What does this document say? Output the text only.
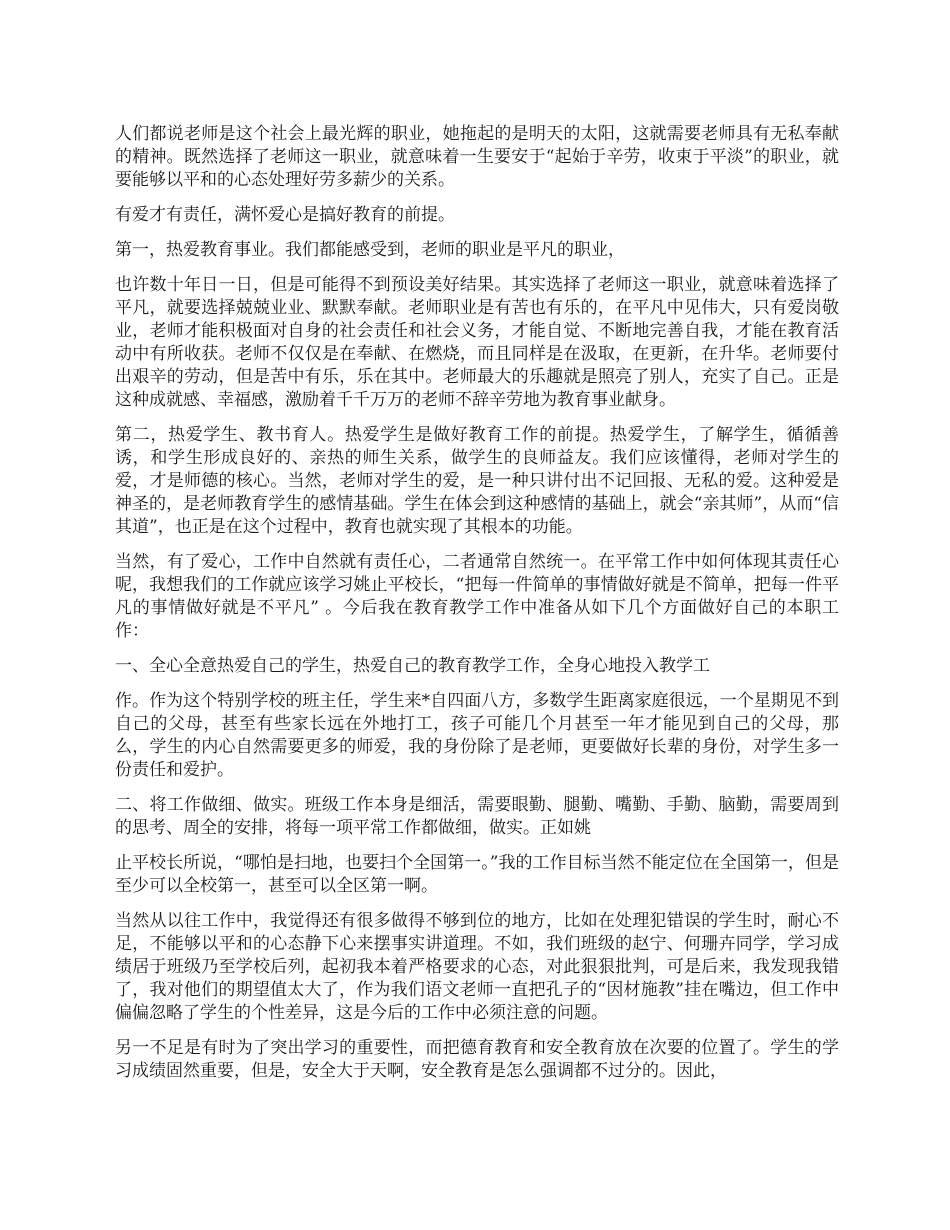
人们都说老师是这个社会上最光辉的职业，她拖起的是明天的太阳，这就需要老师具有无私奉献的精神。既然选择了老师这一职业，就意味着一生要安于“起始于辛劳，收束于平淡”的职业，就要能够以平和的心态处理好劳多薪少的关系。

有爱才有责任，满怀爱心是搞好教育的前提。

第一，热爱教育事业。我们都能感受到，老师的职业是平凡的职业，

也许数十年日一日，但是可能得不到预设美好结果。其实选择了老师这一职业，就意味着选择了平凡，就要选择兢兢业业、默默奉献。老师职业是有苦也有乐的，在平凡中见伟大，只有爱岗敬业，老师才能积极面对自身的社会责任和社会义务，才能自觉、不断地完善自我，才能在教育活动中有所收获。老师不仅仅是在奉献、在燃烧，而且同样是在汲取，在更新，在升华。老师要付出艰辛的劳动，但是苦中有乐，乐在其中。老师最大的乐趣就是照亮了别人，充实了自己。正是这种成就感、幸福感，激励着千千万万的老师不辞辛劳地为教育事业献身。

第二，热爱学生、教书育人。热爱学生是做好教育工作的前提。热爱学生，了解学生，循循善诱，和学生形成良好的、亲热的师生关系，做学生的良师益友。我们应该懂得，老师对学生的爱，才是师德的核心。当然，老师对学生的爱，是一种只讲付出不记回报、无私的爱。这种爱是神圣的，是老师教育学生的感情基础。学生在体会到这种感情的基础上，就会“亲其师”，从而“信其道”，也正是在这个过程中，教育也就实现了其根本的功能。

当然，有了爱心，工作中自然就有责任心，二者通常自然统一。在平常工作中如何体现其责任心呢，我想我们的工作就应该学习姚止平校长，“把每一件简单的事情做好就是不简单，把每一件平凡的事情做好就是不平凡” 。今后我在教育教学工作中准备从如下几个方面做好自己的本职工作：

一、全心全意热爱自己的学生，热爱自己的教育教学工作，全身心地投入教学工

作。作为这个特别学校的班主任，学生来*自四面八方，多数学生距离家庭很远，一个星期见不到自己的父母，甚至有些家长远在外地打工，孩子可能几个月甚至一年才能见到自己的父母，那么，学生的内心自然需要更多的师爱，我的身份除了是老师，更要做好长辈的身份，对学生多一份责任和爱护。

二、将工作做细、做实。班级工作本身是细活，需要眼勤、腿勤、嘴勤、手勤、脑勤，需要周到的思考、周全的安排，将每一项平常工作都做细，做实。正如姚

止平校长所说，“哪怕是扫地，也要扫个全国第一。”我的工作目标当然不能定位在全国第一，但是至少可以全校第一，甚至可以全区第一啊。

当然从以往工作中，我觉得还有很多做得不够到位的地方，比如在处理犯错误的学生时，耐心不足，不能够以平和的心态静下心来摆事实讲道理。不如，我们班级的赵宁、何珊卉同学，学习成绩居于班级乃至学校后列，起初我本着严格要求的心态，对此狠狠批判，可是后来，我发现我错了，我对他们的期望值太大了，作为我们语文老师一直把孔子的“因材施教”挂在嘴边，但工作中偏偏忽略了学生的个性差异，这是今后的工作中必须注意的问题。

另一不足是有时为了突出学习的重要性，而把德育教育和安全教育放在次要的位置了。学生的学习成绩固然重要，但是，安全大于天啊，安全教育是怎么强调都不过分的。因此，
